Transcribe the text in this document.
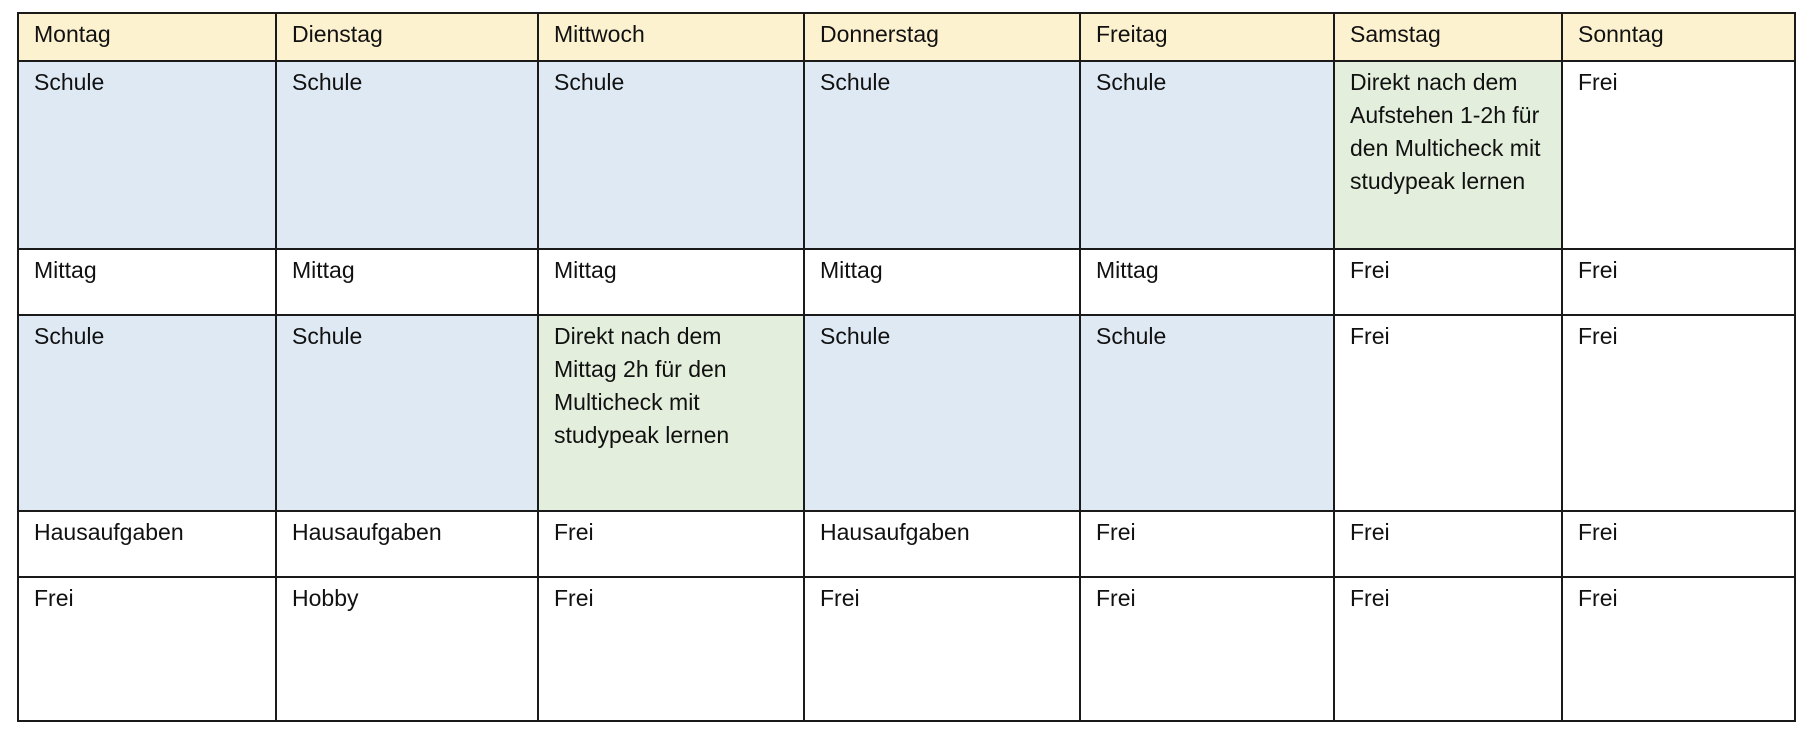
Montag	Dienstag	Mittwoch	Donnerstag	Freitag	Samstag	Sonntag
Schule	Schule	Schule	Schule	Schule	Direkt nach dem Aufstehen 1-2h für den Multicheck mit studypeak lernen	Frei
Mittag	Mittag	Mittag	Mittag	Mittag	Frei	Frei
Schule	Schule	Direkt nach dem Mittag 2h für den Multicheck mit studypeak lernen	Schule	Schule	Frei	Frei
Hausaufgaben	Hausaufgaben	Frei	Hausaufgaben	Frei	Frei	Frei
Frei	Hobby	Frei	Frei	Frei	Frei	Frei
